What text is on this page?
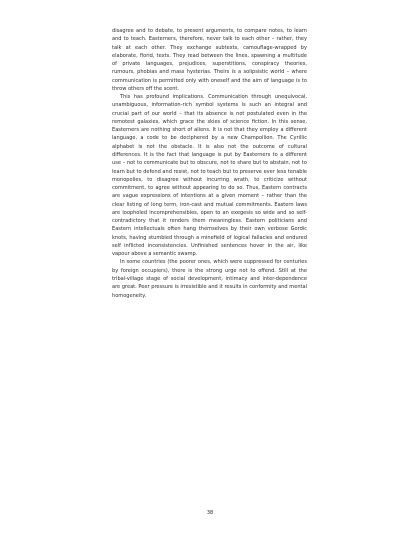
disagree and to debate, to present arguments, to compare notes, to learn and to teach. Easterners, therefore, never talk to each other – rather, they talk at each other. They exchange subtexts, camouflage-wrapped by elaborate, florid, texts. They read between the lines, spawning a multitude of private languages, prejudices, superstitions, conspiracy theories, rumours, phobias and mass hysterias. Theirs is a solipsistic world – where communication is permitted only with oneself and the aim of language is to throw others off the scent.

This has profound implications. Communication through unequivocal, unambiguous, information-rich symbol systems is such an integral and crucial part of our world – that its absence is not postulated even in the remotest galaxies, which grace the skies of science fiction. In this sense, Easterners are nothing short of aliens. It is not that they employ a different language, a code to be deciphered by a new Champollion. The Cyrillic alphabet is not the obstacle. It is also not the outcome of cultural differences. It is the fact that language is put by Easterners to a different use – not to communicate but to obscure, not to share but to abstain, not to learn but to defend and resist, not to teach but to preserve ever less tenable monopolies, to disagree without incurring wrath, to criticize without commitment, to agree without appearing to do so. Thus, Eastern contracts are vague expressions of intentions at a given moment – rather than the clear listing of long term, iron-cast and mutual commitments. Eastern laws are loopholed incomprehensibles, open to an exegesis so wide and so self-contradictory that it renders them meaningless. Eastern politicians and Eastern intellectuals often hang themselves by their own verbose Gordic knots, having stumbled through a minefield of logical fallacies and endured self inflicted inconsistencies. Unfinished sentences hover in the air, like vapour above a semantic swamp.

In some countries (the poorer ones, which were suppressed for centuries by foreign occupiers), there is the strong urge not to offend. Still at the tribal-village stage of social development, intimacy and inter-dependence are great. Peer pressure is irresistible and it results in conformity and mental homogeneity.

38
